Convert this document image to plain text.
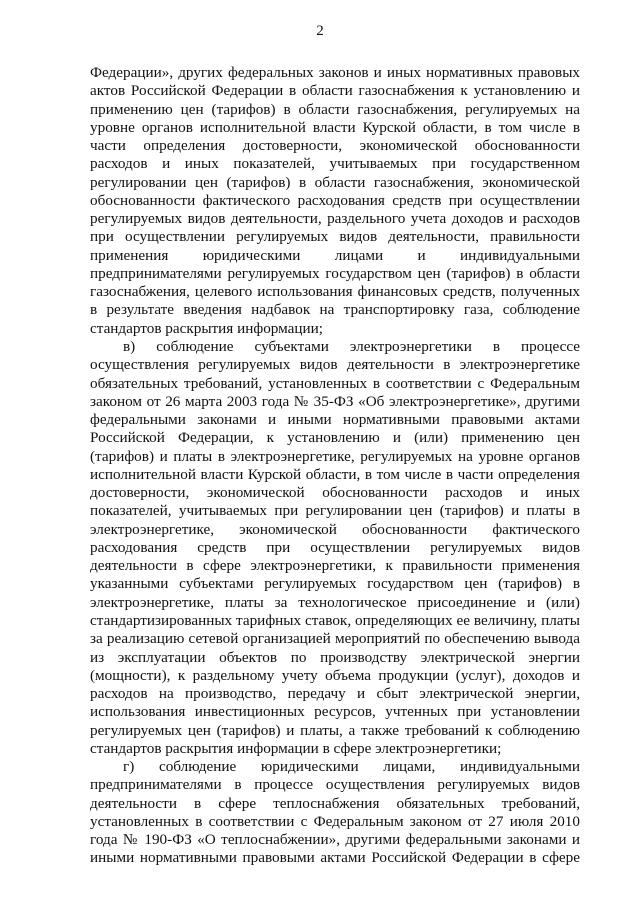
2
Федерации», других федеральных законов и иных нормативных правовых
актов Российской Федерации в области газоснабжения к установлению и
применению цен (тарифов) в области газоснабжения, регулируемых на
уровне органов исполнительной власти Курской области, в том числе в
части определения достоверности, экономической обоснованности
расходов и иных показателей, учитываемых при государственном
регулировании цен (тарифов) в области газоснабжения, экономической
обоснованности фактического расходования средств при осуществлении
регулируемых видов деятельности, раздельного учета доходов и расходов
при осуществлении регулируемых видов деятельности, правильности
применения юридическими лицами и индивидуальными
предпринимателями регулируемых государством цен (тарифов) в области
газоснабжения, целевого использования финансовых средств, полученных
в результате введения надбавок на транспортировку газа, соблюдение
стандартов раскрытия информации;
в) соблюдение субъектами электроэнергетики в процессе
осуществления регулируемых видов деятельности в электроэнергетике
обязательных требований, установленных в соответствии с Федеральным
законом от 26 марта 2003 года № 35-ФЗ «Об электроэнергетике», другими
федеральными законами и иными нормативными правовыми актами
Российской Федерации, к установлению и (или) применению цен
(тарифов) и платы в электроэнергетике, регулируемых на уровне органов
исполнительной власти Курской области, в том числе в части определения
достоверности, экономической обоснованности расходов и иных
показателей, учитываемых при регулировании цен (тарифов) и платы в
электроэнергетике, экономической обоснованности фактического
расходования средств при осуществлении регулируемых видов
деятельности в сфере электроэнергетики, к правильности применения
указанными субъектами регулируемых государством цен (тарифов) в
электроэнергетике, платы за технологическое присоединение и (или)
стандартизированных тарифных ставок, определяющих ее величину, платы
за реализацию сетевой организацией мероприятий по обеспечению вывода
из эксплуатации объектов по производству электрической энергии
(мощности), к раздельному учету объема продукции (услуг), доходов и
расходов на производство, передачу и сбыт электрической энергии,
использования инвестиционных ресурсов, учтенных при установлении
регулируемых цен (тарифов) и платы, а также требований к соблюдению
стандартов раскрытия информации в сфере электроэнергетики;
г) соблюдение юридическими лицами, индивидуальными
предпринимателями в процессе осуществления регулируемых видов
деятельности в сфере теплоснабжения обязательных требований,
установленных в соответствии с Федеральным законом от 27 июля 2010
года № 190-ФЗ «О теплоснабжении», другими федеральными законами и
иными нормативными правовыми актами Российской Федерации в сфере
